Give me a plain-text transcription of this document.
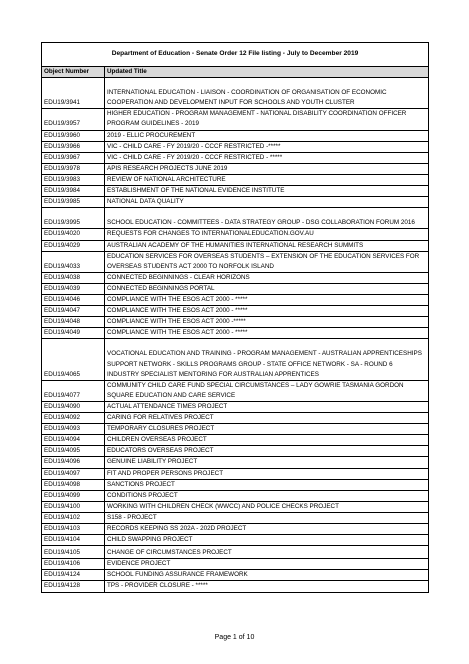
Department of Education - Senate Order 12 File listing - July to December 2019	
Object Number	Updated Title
EDU19/3941	INTERNATIONAL EDUCATION - LIAISON - COORDINATION OF ORGANISATION OF ECONOMIC COOPERATION AND DEVELOPMENT INPUT FOR SCHOOLS AND YOUTH CLUSTER
EDU19/3957	HIGHER EDUCATION - PROGRAM MANAGEMENT - NATIONAL DISABILITY COORDINATION OFFICER PROGRAM GUIDELINES - 2019
EDU19/3960	2019 - ELLIC PROCUREMENT
EDU19/3966	VIC - CHILD CARE - FY 2019/20 - CCCF RESTRICTED -*****
EDU19/3967	VIC - CHILD CARE - FY 2019/20 - CCCF RESTRICTED - *****
EDU19/3978	APIS RESEARCH PROJECTS JUNE 2019
EDU19/3983	REVIEW OF NATIONAL ARCHITECTURE
EDU19/3984	ESTABLISHMENT OF THE NATIONAL EVIDENCE INSTITUTE
EDU19/3985	NATIONAL DATA QUALITY
EDU19/3995	SCHOOL EDUCATION - COMMITTEES - DATA STRATEGY GROUP - DSG COLLABORATION FORUM 2016
EDU19/4020	REQUESTS FOR CHANGES TO INTERNATIONALEDUCATION.GOV.AU
EDU19/4029	AUSTRALIAN ACADEMY OF THE HUMANITIES INTERNATIONAL RESEARCH SUMMITS
EDU19/4033	EDUCATION SERVICES FOR OVERSEAS STUDENTS – EXTENSION OF THE EDUCATION SERVICES FOR OVERSEAS STUDENTS ACT 2000 TO NORFOLK ISLAND
EDU19/4038	CONNECTED BEGINNINGS - CLEAR HORIZONS
EDU19/4039	CONNECTED BEGINNINGS PORTAL
EDU19/4046	COMPLIANCE WITH THE ESOS ACT 2000 - *****
EDU19/4047	COMPLIANCE WITH THE ESOS ACT 2000 - *****
EDU19/4048	COMPLIANCE WITH THE ESOS ACT 2000 -*****
EDU19/4049	COMPLIANCE WITH THE ESOS ACT 2000 - *****
EDU19/4065	VOCATIONAL EDUCATION AND TRAINING - PROGRAM MANAGEMENT - AUSTRALIAN APPRENTICESHIPS SUPPORT NETWORK - SKILLS PROGRAMS GROUP - STATE OFFICE NETWORK - SA - ROUND 6 INDUSTRY SPECIALIST MENTORING FOR AUSTRALIAN APPRENTICES
EDU19/4077	COMMUNITY CHILD CARE FUND SPECIAL CIRCUMSTANCES – LADY GOWRIE TASMANIA GORDON SQUARE EDUCATION AND CARE SERVICE
EDU19/4090	ACTUAL ATTENDANCE TIMES PROJECT
EDU19/4092	CARING FOR RELATIVES PROJECT
EDU19/4093	TEMPORARY CLOSURES PROJECT
EDU19/4094	CHILDREN OVERSEAS PROJECT
EDU19/4095	EDUCATORS OVERSEAS PROJECT
EDU19/4096	GENUINE LIABILITY PROJECT
EDU19/4097	FIT AND PROPER PERSONS PROJECT
EDU19/4098	SANCTIONS PROJECT
EDU19/4099	CONDITIONS PROJECT
EDU19/4100	WORKING WITH CHILDREN CHECK (WWCC) AND POLICE CHECKS PROJECT
EDU19/4102	S158 - PROJECT
EDU19/4103	RECORDS KEEPING SS 202A - 202D PROJECT
EDU19/4104	CHILD SWAPPING PROJECT
EDU19/4105	CHANGE OF CIRCUMSTANCES PROJECT
EDU19/4106	EVIDENCE PROJECT
EDU19/4124	SCHOOL FUNDING ASSURANCE FRAMEWORK
EDU19/4128	TPS - PROVIDER CLOSURE - *****
Page 1 of 10
